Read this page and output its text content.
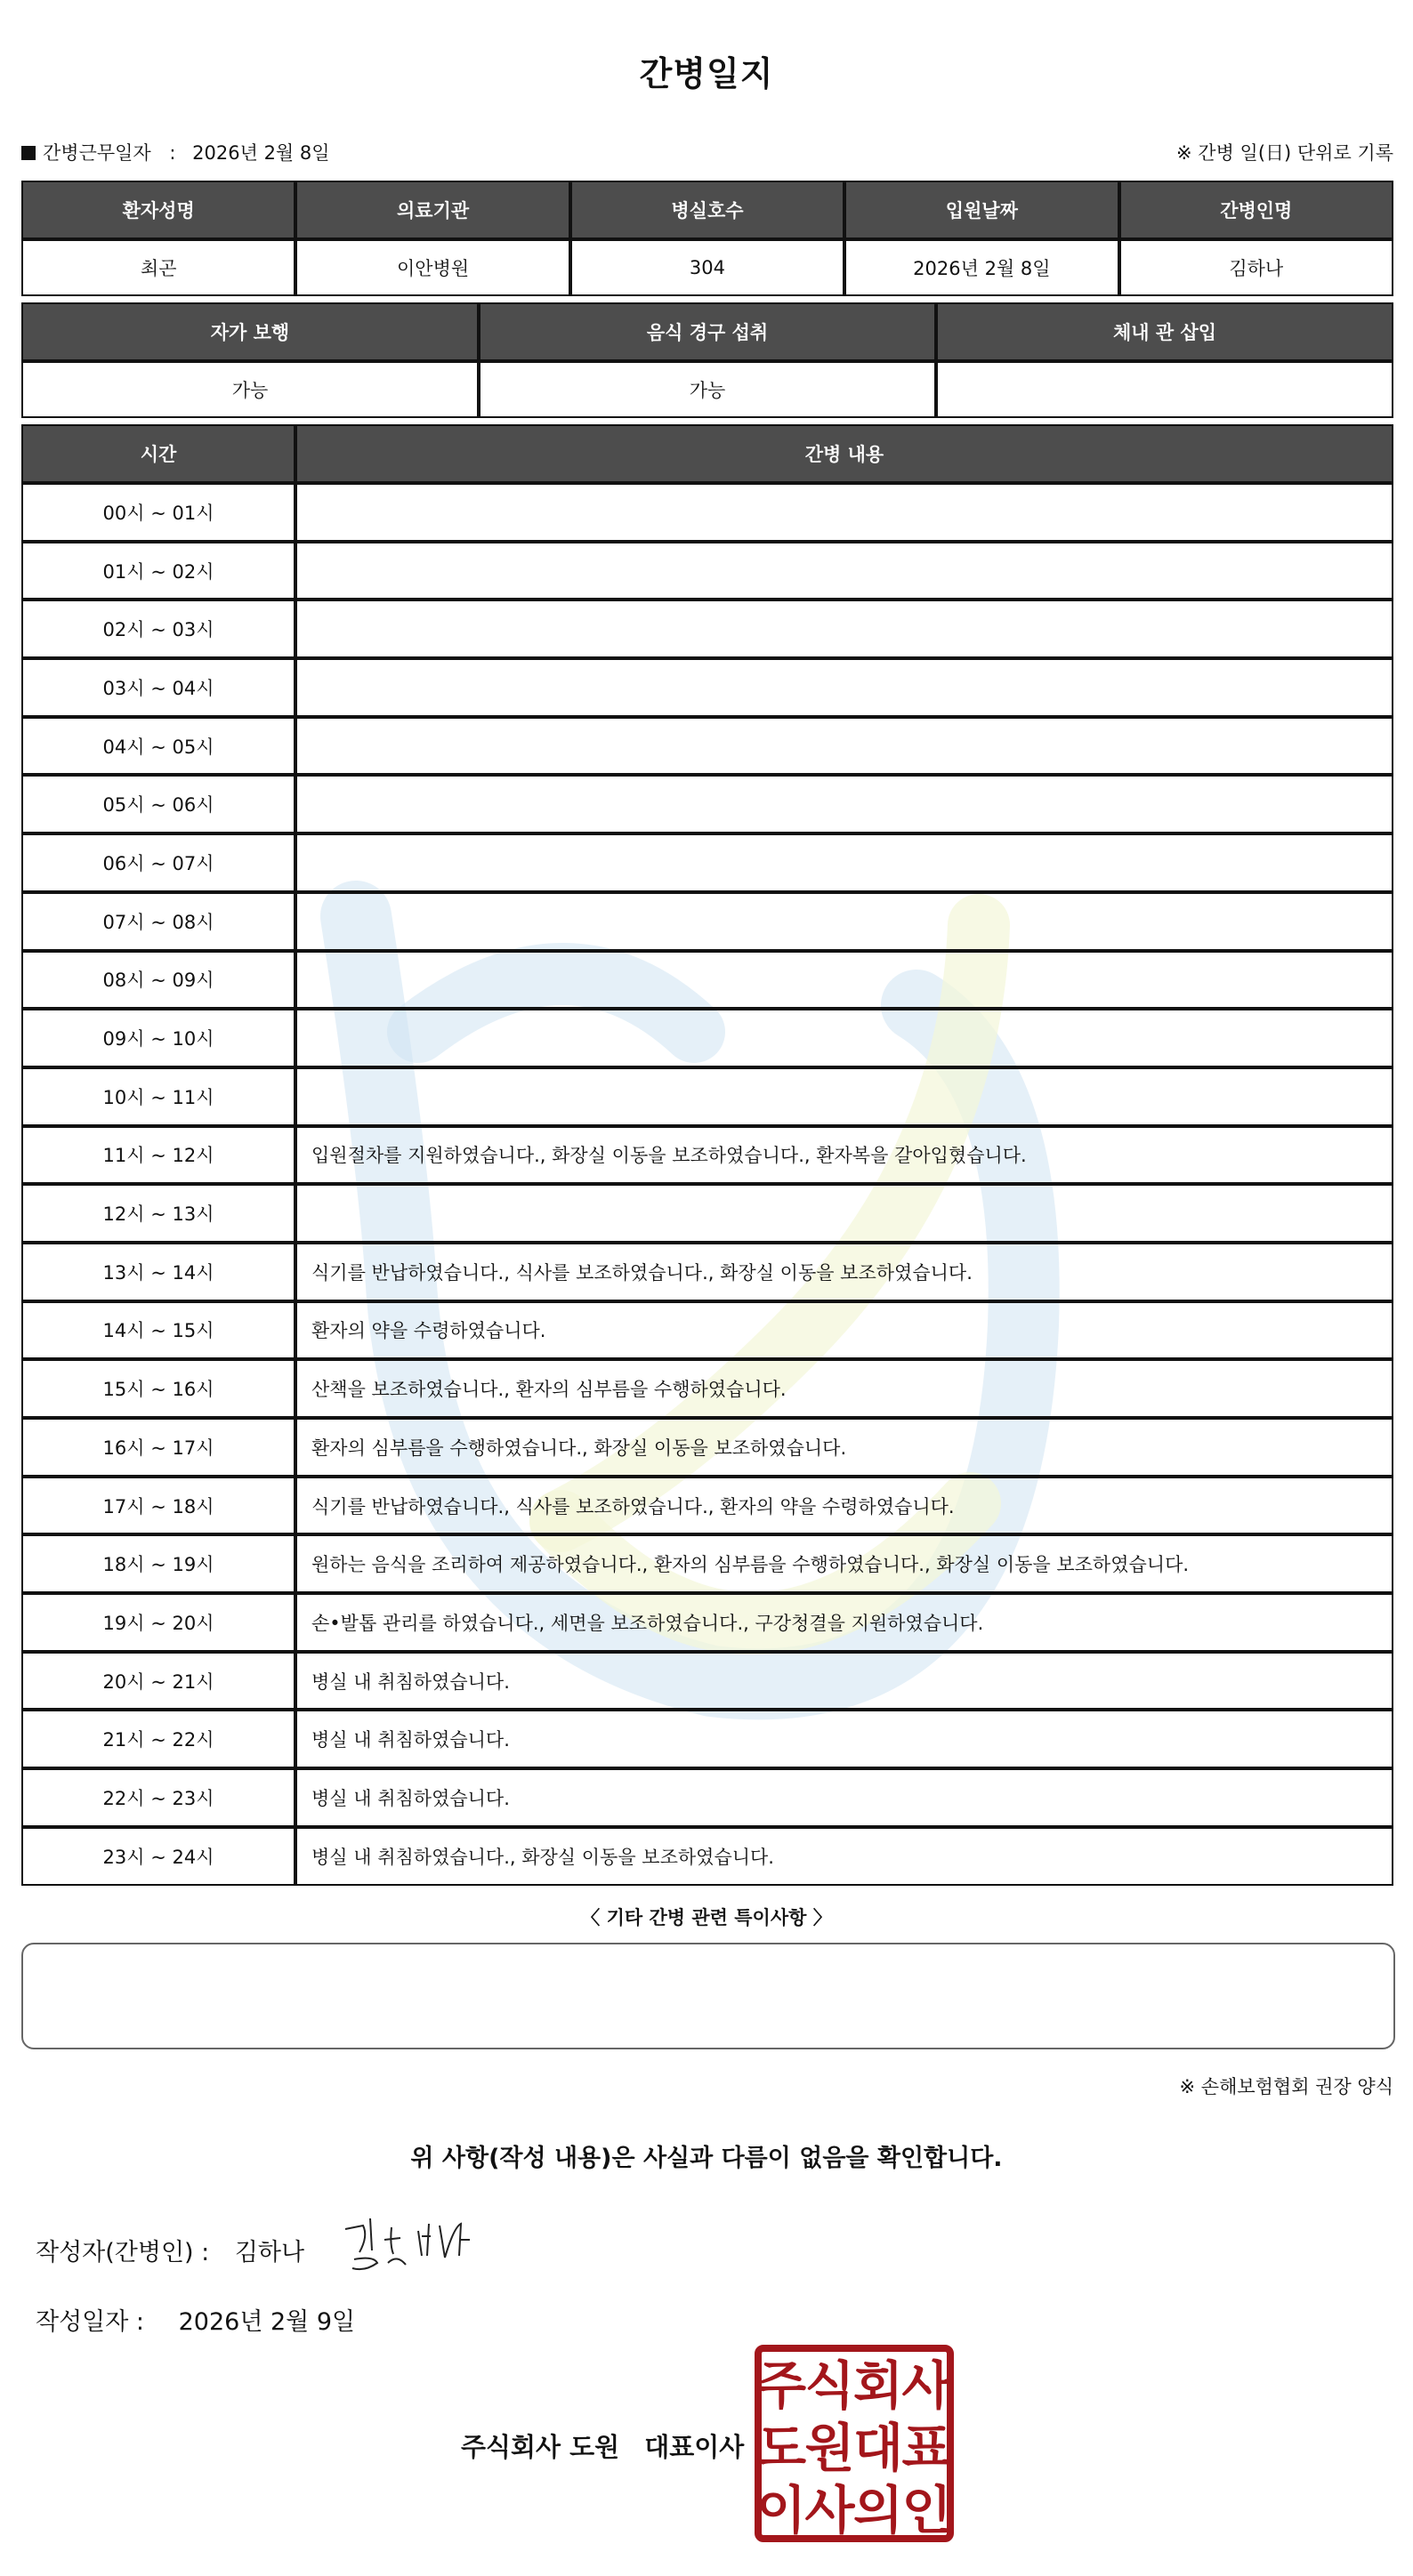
간병일지
간병근무일자 : 2026년 2월 8일	※ 간병 일(日) 단위로 기록
환자성명	의료기관	병실호수	입원날짜	간병인명
최곤	이안병원	304	2026년 2월 8일	김하나
자가 보행	음식 경구 섭취	체내 관 삽입
가능	가능	
시간	간병 내용
00시 ~ 01시	
01시 ~ 02시	
02시 ~ 03시	
03시 ~ 04시	
04시 ~ 05시	
05시 ~ 06시	
06시 ~ 07시	
07시 ~ 08시	
08시 ~ 09시	
09시 ~ 10시	
10시 ~ 11시	
11시 ~ 12시	입원절차를 지원하였습니다., 화장실 이동을 보조하였습니다., 환자복을 갈아입혔습니다.
12시 ~ 13시	
13시 ~ 14시	식기를 반납하였습니다., 식사를 보조하였습니다., 화장실 이동을 보조하였습니다.
14시 ~ 15시	환자의 약을 수령하였습니다.
15시 ~ 16시	산책을 보조하였습니다., 환자의 심부름을 수행하였습니다.
16시 ~ 17시	환자의 심부름을 수행하였습니다., 화장실 이동을 보조하였습니다.
17시 ~ 18시	식기를 반납하였습니다., 식사를 보조하였습니다., 환자의 약을 수령하였습니다.
18시 ~ 19시	원하는 음식을 조리하여 제공하였습니다., 환자의 심부름을 수행하였습니다., 화장실 이동을 보조하였습니다.
19시 ~ 20시	손•발톱 관리를 하였습니다., 세면을 보조하였습니다., 구강청결을 지원하였습니다.
20시 ~ 21시	병실 내 취침하였습니다.
21시 ~ 22시	병실 내 취침하였습니다.
22시 ~ 23시	병실 내 취침하였습니다.
23시 ~ 24시	병실 내 취침하였습니다., 화장실 이동을 보조하였습니다.
〈 기타 간병 관련 특이사항 〉
※ 손해보험협회 권장 양식
위 사항(작성 내용)은 사실과 다름이 없음을 확인합니다.
작성자(간병인) : 김하나
작성일자 : 2026년 2월 9일
주식회사 도원 대표이사
주
식
회
사
도
원
대
표
이
사
의
인
